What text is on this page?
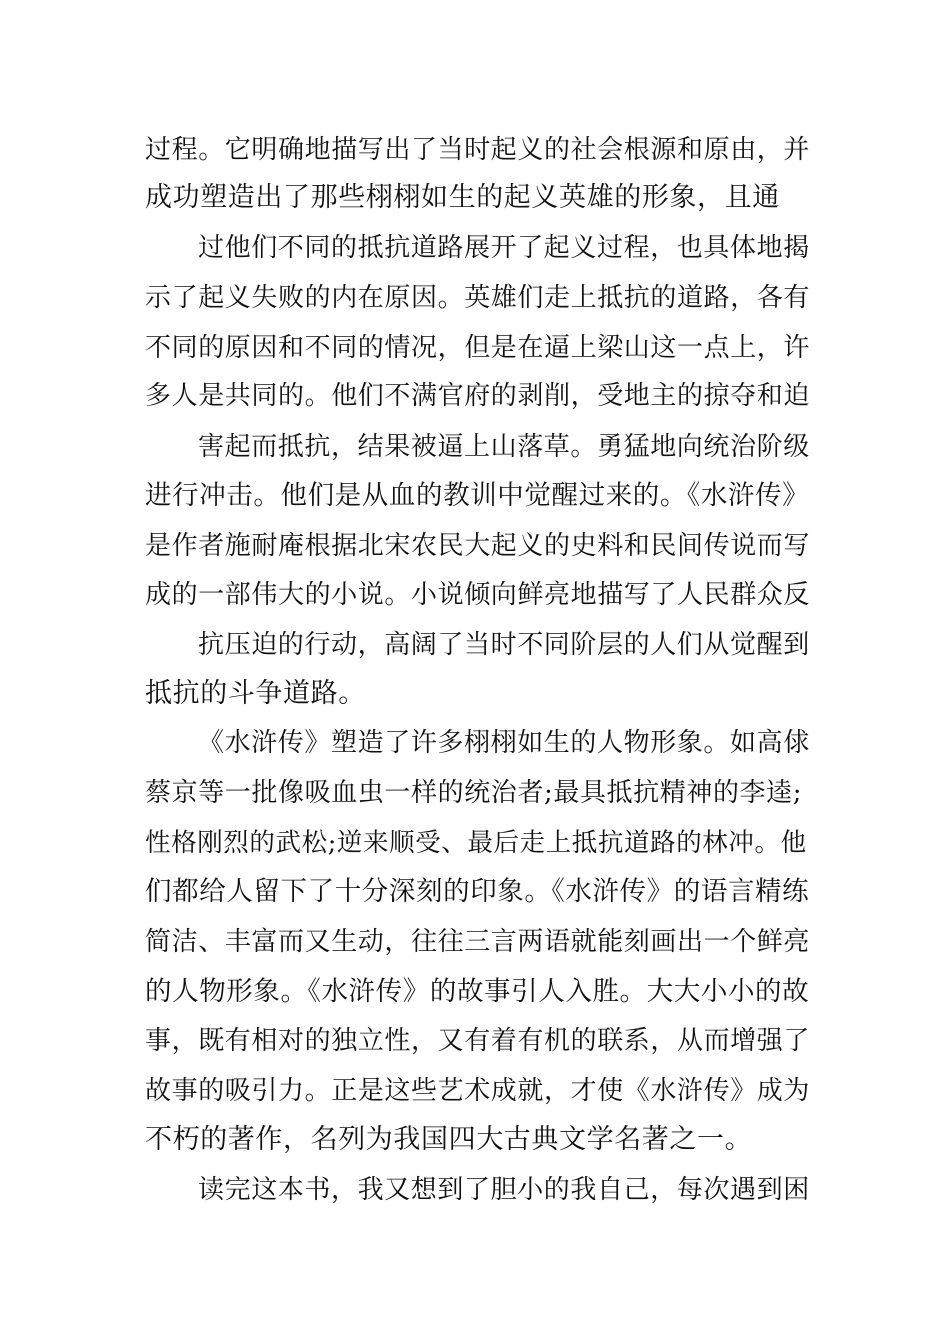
过程。它明确地描写出了当时起义的社会根源和原由，并
成功塑造出了那些栩栩如生的起义英雄的形象，且通
过他们不同的抵抗道路展开了起义过程，也具体地揭
示了起义失败的内在原因。英雄们走上抵抗的道路，各有
不同的原因和不同的情况，但是在逼上梁山这一点上，许
多人是共同的。他们不满官府的剥削，受地主的掠夺和迫
害起而抵抗，结果被逼上山落草。勇猛地向统治阶级
进行冲击。他们是从血的教训中觉醒过来的。《水浒传》
是作者施耐庵根据北宋农民大起义的史料和民间传说而写
成的一部伟大的小说。小说倾向鲜亮地描写了人民群众反
抗压迫的行动，高阔了当时不同阶层的人们从觉醒到
抵抗的斗争道路。
《水浒传》塑造了许多栩栩如生的人物形象。如高俅
蔡京等一批像吸血虫一样的统治者;最具抵抗精神的李逵;
性格刚烈的武松;逆来顺受、最后走上抵抗道路的林冲。他
们都给人留下了十分深刻的印象。《水浒传》的语言精练
简洁、丰富而又生动，往往三言两语就能刻画出一个鲜亮
的人物形象。《水浒传》的故事引人入胜。大大小小的故
事，既有相对的独立性，又有着有机的联系，从而增强了
故事的吸引力。正是这些艺术成就，才使《水浒传》成为
不朽的著作，名列为我国四大古典文学名著之一。
读完这本书，我又想到了胆小的我自己，每次遇到困
